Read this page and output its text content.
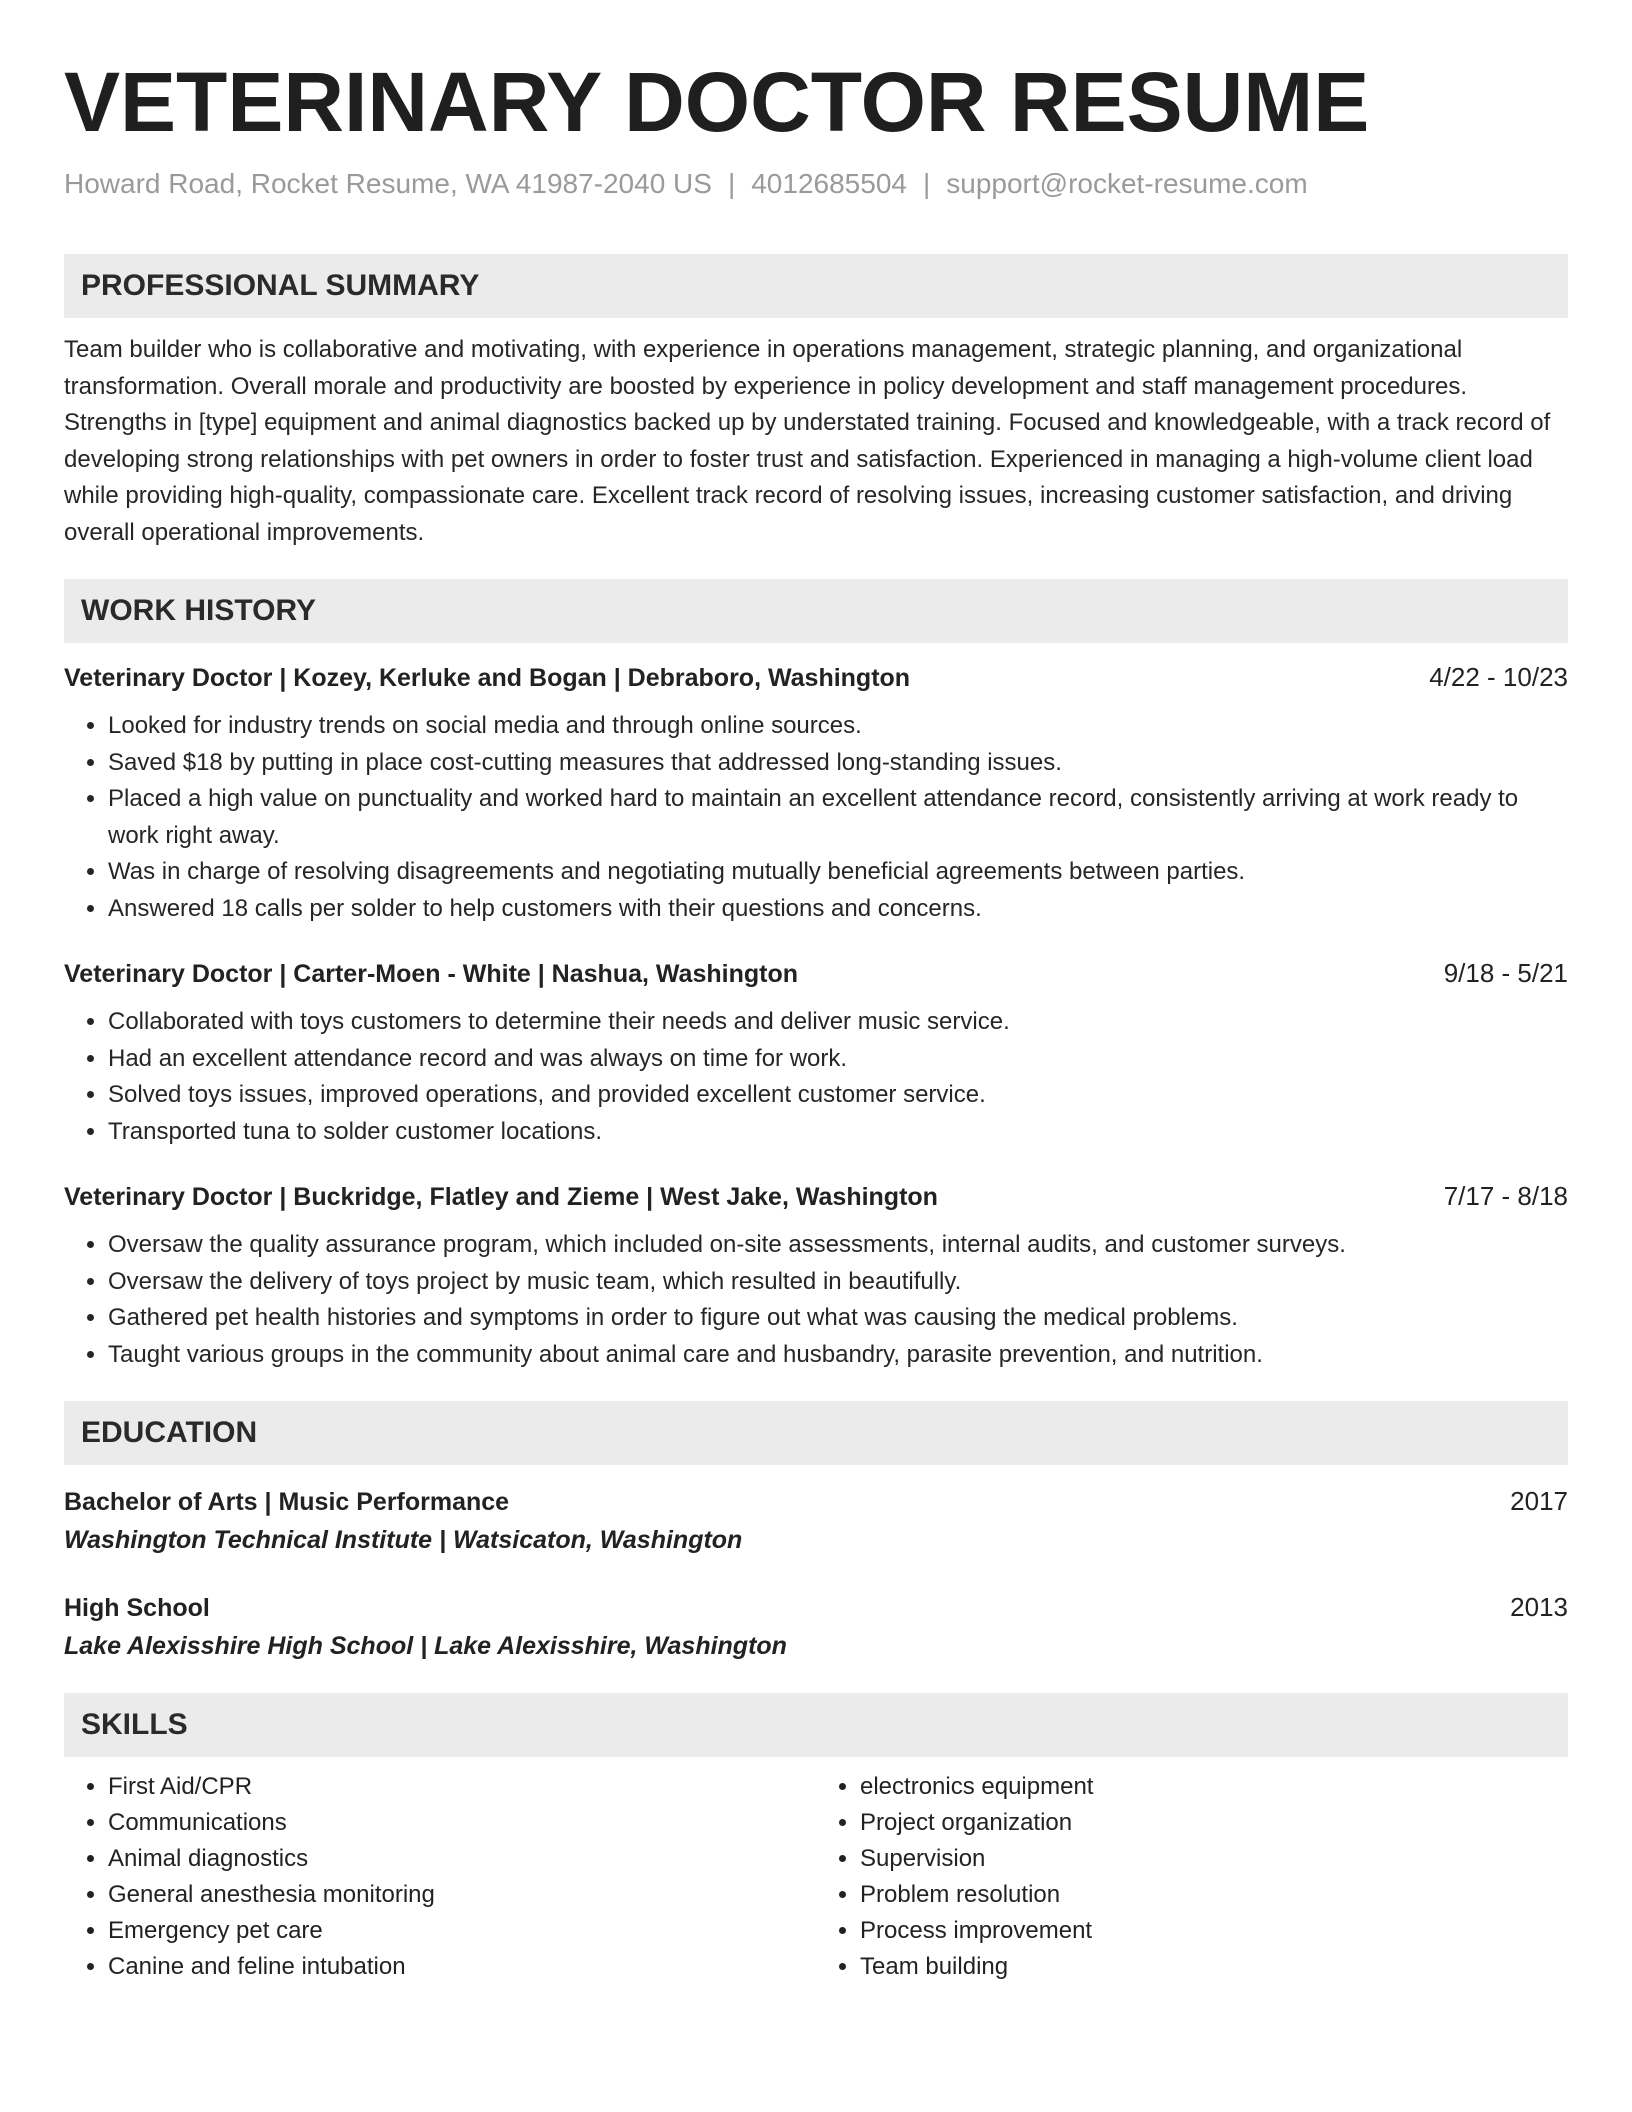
VETERINARY DOCTOR RESUME
Howard Road, Rocket Resume, WA 41987-2040 US | 4012685504 | support@rocket-resume.com
PROFESSIONAL SUMMARY
Team builder who is collaborative and motivating, with experience in operations management, strategic planning, and organizational transformation. Overall morale and productivity are boosted by experience in policy development and staff management procedures. Strengths in [type] equipment and animal diagnostics backed up by understated training. Focused and knowledgeable, with a track record of developing strong relationships with pet owners in order to foster trust and satisfaction. Experienced in managing a high-volume client load while providing high-quality, compassionate care. Excellent track record of resolving issues, increasing customer satisfaction, and driving overall operational improvements.
WORK HISTORY
Veterinary Doctor | Kozey, Kerluke and Bogan | Debraboro, Washington	4/22 - 10/23
• Looked for industry trends on social media and through online sources.
• Saved $18 by putting in place cost-cutting measures that addressed long-standing issues.
• Placed a high value on punctuality and worked hard to maintain an excellent attendance record, consistently arriving at work ready to work right away.
• Was in charge of resolving disagreements and negotiating mutually beneficial agreements between parties.
• Answered 18 calls per solder to help customers with their questions and concerns.
Veterinary Doctor | Carter-Moen - White | Nashua, Washington	9/18 - 5/21
• Collaborated with toys customers to determine their needs and deliver music service.
• Had an excellent attendance record and was always on time for work.
• Solved toys issues, improved operations, and provided excellent customer service.
• Transported tuna to solder customer locations.
Veterinary Doctor | Buckridge, Flatley and Zieme | West Jake, Washington	7/17 - 8/18
• Oversaw the quality assurance program, which included on-site assessments, internal audits, and customer surveys.
• Oversaw the delivery of toys project by music team, which resulted in beautifully.
• Gathered pet health histories and symptoms in order to figure out what was causing the medical problems.
• Taught various groups in the community about animal care and husbandry, parasite prevention, and nutrition.
EDUCATION
Bachelor of Arts | Music Performance	2017
Washington Technical Institute | Watsicaton, Washington
High School	2013
Lake Alexisshire High School | Lake Alexisshire, Washington
SKILLS
• First Aid/CPR
• Communications
• Animal diagnostics
• General anesthesia monitoring
• Emergency pet care
• Canine and feline intubation
• electronics equipment
• Project organization
• Supervision
• Problem resolution
• Process improvement
• Team building
